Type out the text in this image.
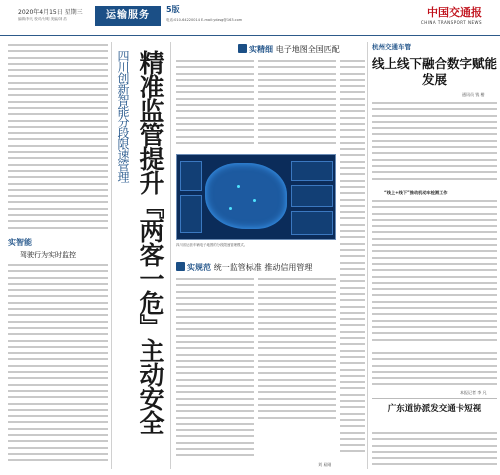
2020年4月15日 星期三
编辑/李凡 校对/付明 美编/刘 浩	运输服务
5版
电话:010-64220014 E-mail:ydzsg@163.com
中国交通报
CHINA TRANSPORT NEWS
精准监管提升『两客一危』主动安全
四川创新智能分段限速管理
实智能
驾驶行为实时监控
实精细 电子地图全国匹配
四川省运营车辆电子地图的分段限速管理模式。
实规范 统一监管标准 推动信用管理
刘 易刚
杭州交通车管
线上线下融合数字赋能发展
通讯员 钱 楷
“线上+线下”推动机动车检测工作
本报记者 李 凡
广东道协派发交通卡短视
